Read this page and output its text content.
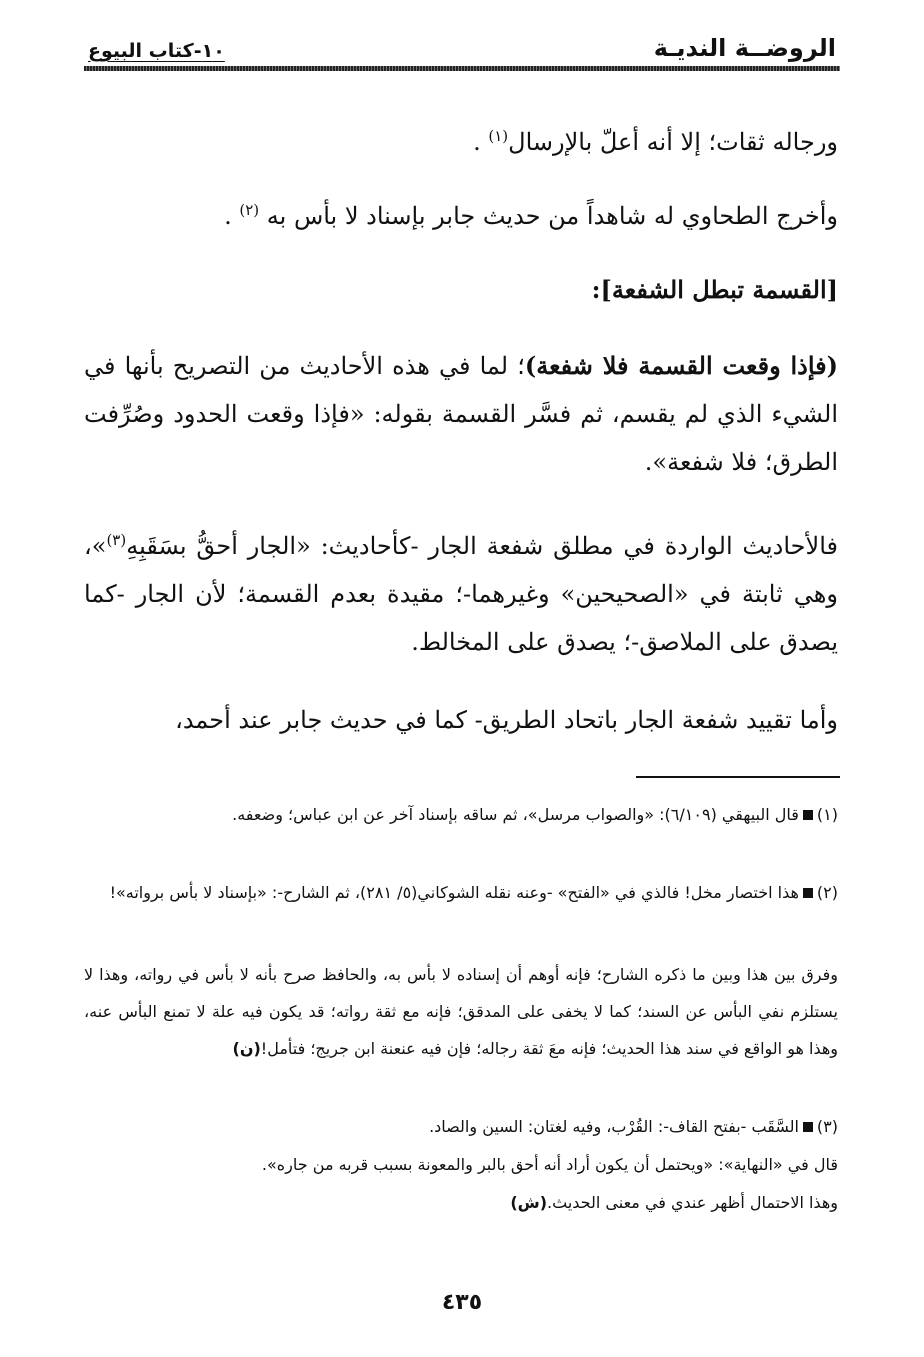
الروضــة النديـة
١٠-كتاب البيوع
ورجاله ثقات؛ إلا أنه أعلّ بالإرسال$^{(١)}$ .
وأخرج الطحاوي له شاهداً من حديث جابر بإسناد لا بأس به $^{(٢)}$ .
[القسمة تبطل الشفعة]:
(فإذا وقعت القسمة فلا شفعة)؛ لما في هذه الأحاديث من التصريح بأنها في الشيء الذي لم يقسم، ثم فسَّر القسمة بقوله: «فإذا وقعت الحدود وصُرِّفت الطرق؛ فلا شفعة».
فالأحاديث الواردة في مطلق شفعة الجار -كأحاديث: «الجار أحقُّ بسَقَبِهِ$^{(٣)}$»، وهي ثابتة في «الصحيحين» وغيرهما-؛ مقيدة بعدم القسمة؛ لأن الجار -كما يصدق على الملاصق-؛ يصدق على المخالط.
وأما تقييد شفعة الجار باتحاد الطريق- كما في حديث جابر عند أحمد،
(١)قال البيهقي (٦/١٠٩): «والصواب مرسل»، ثم ساقه بإسناد آخر عن ابن عباس؛ وضعفه.
(٢)هذا اختصار مخل! فالذي في «الفتح» -وعنه نقله الشوكاني(٥/ ٢٨١)، ثم الشارح-: «بإسناد لا بأس برواته»!
وفرق بين هذا وبين ما ذكره الشارح؛ فإنه أوهم أن إسناده لا بأس به، والحافظ صرح بأنه لا بأس في رواته، وهذا لا يستلزم نفي البأس عن السند؛ كما لا يخفى على المدقق؛ فإنه مع ثقة رواته؛ قد يكون فيه علة لا تمنع البأس عنه، وهذا هو الواقع في سند هذا الحديث؛ فإنه معَ ثقة رجاله؛ فإن فيه عنعنة ابن جريج؛ فتأمل!(ن)
(٣)السَّقَب -بفتح القاف-: القُرْب، وفيه لغتان: السين والصاد.
قال في «النهاية»: «ويحتمل أن يكون أراد أنه أحق بالبر والمعونة بسبب قربه من جاره».
وهذا الاحتمال أظهر عندي في معنى الحديث.(ش)
٤٣٥
